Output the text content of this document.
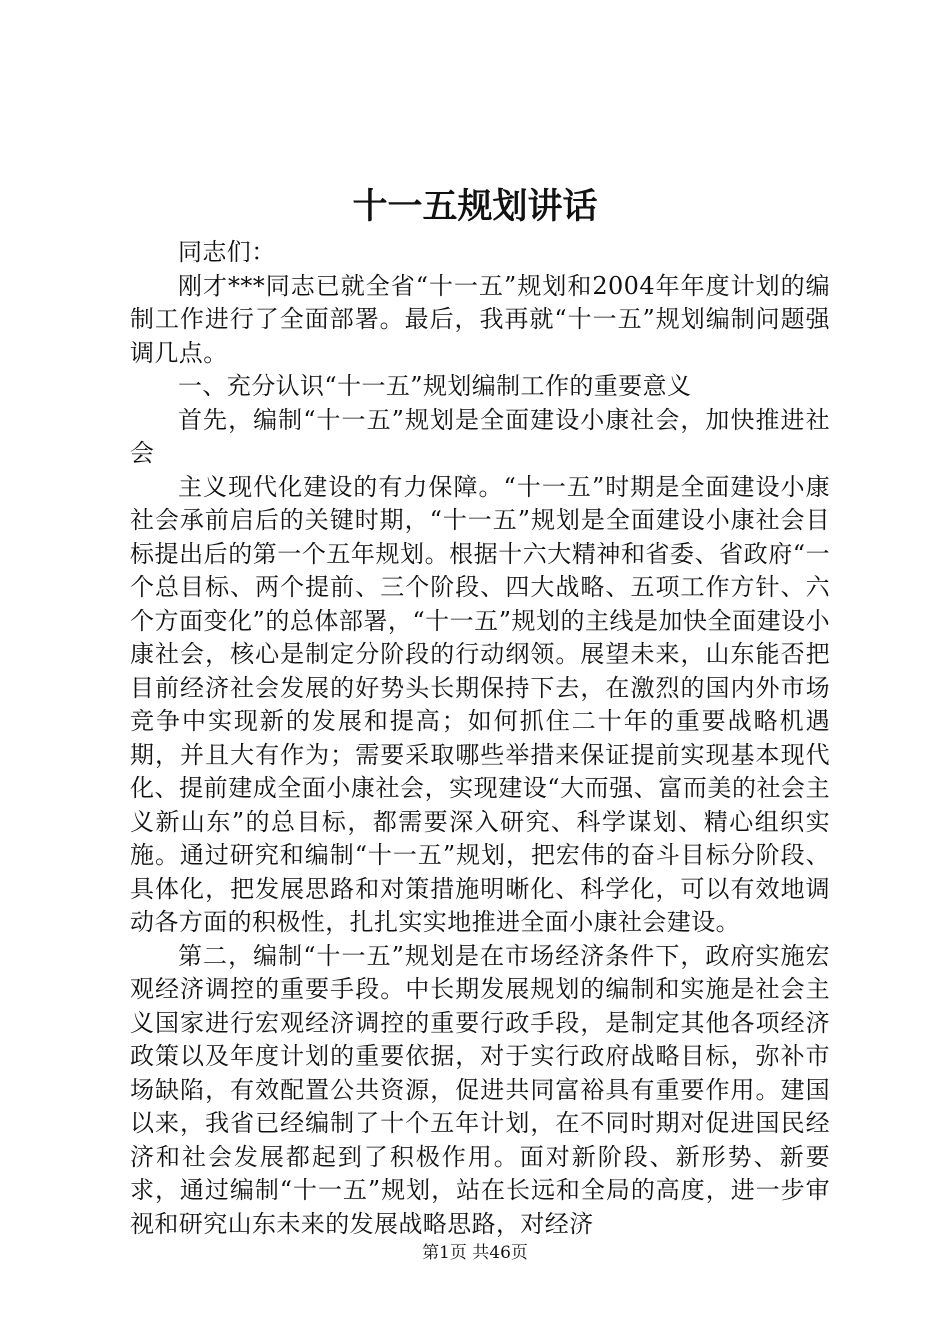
十一五规划讲话

同志们：

刚才***同志已就全省“十一五”规划和2004年年度计划的编制工作进行了全面部署。最后，我再就“十一五”规划编制问题强调几点。

一、充分认识“十一五”规划编制工作的重要意义

首先，编制“十一五”规划是全面建设小康社会，加快推进社会

主义现代化建设的有力保障。“十一五”时期是全面建设小康社会承前启后的关键时期，“十一五”规划是全面建设小康社会目标提出后的第一个五年规划。根据十六大精神和省委、省政府“一个总目标、两个提前、三个阶段、四大战略、五项工作方针、六个方面变化”的总体部署，“十一五”规划的主线是加快全面建设小康社会，核心是制定分阶段的行动纲领。展望未来，山东能否把目前经济社会发展的好势头长期保持下去，在激烈的国内外市场竞争中实现新的发展和提高；如何抓住二十年的重要战略机遇期，并且大有作为；需要采取哪些举措来保证提前实现基本现代化、提前建成全面小康社会，实现建设“大而强、富而美的社会主义新山东”的总目标，都需要深入研究、科学谋划、精心组织实施。通过研究和编制“十一五”规划，把宏伟的奋斗目标分阶段、具体化，把发展思路和对策措施明晰化、科学化，可以有效地调动各方面的积极性，扎扎实实地推进全面小康社会建设。

第二，编制“十一五”规划是在市场经济条件下，政府实施宏观经济调控的重要手段。中长期发展规划的编制和实施是社会主义国家进行宏观经济调控的重要行政手段，是制定其他各项经济政策以及年度计划的重要依据，对于实行政府战略目标，弥补市场缺陷，有效配置公共资源，促进共同富裕具有重要作用。建国以来，我省已经编制了十个五年计划，在不同时期对促进国民经济和社会发展都起到了积极作用。面对新阶段、新形势、新要求，通过编制“十一五”规划，站在长远和全局的高度，进一步审视和研究山东未来的发展战略思路，对经济

第1页 共46页
